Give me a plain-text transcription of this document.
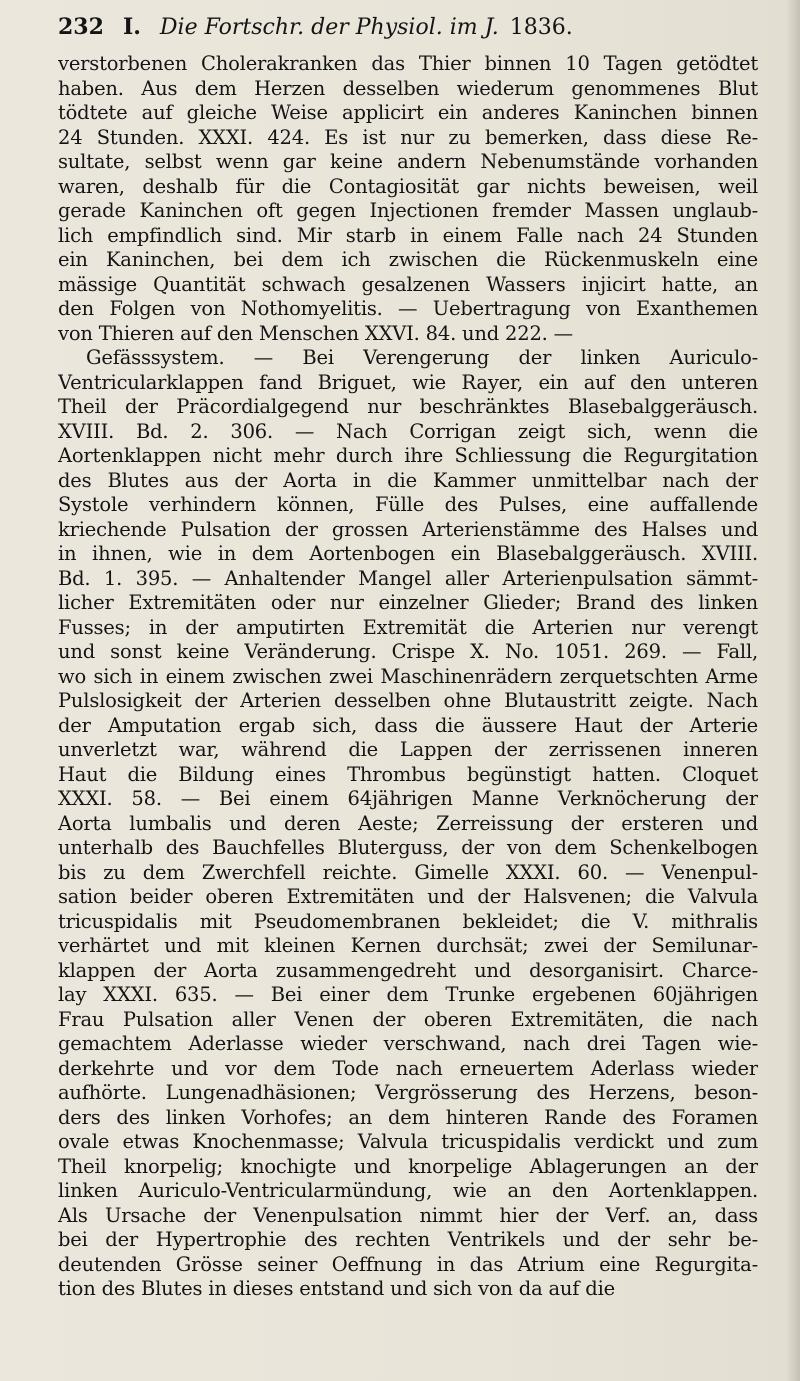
232 I. Die Fortschr. der Physiol. im J. 1836.
verstorbenen Cholerakranken das Thier binnen 10 Tagen getödtet
haben. Aus dem Herzen desselben wiederum genommenes Blut
tödtete auf gleiche Weise applicirt ein anderes Kaninchen binnen
24 Stunden. XXXI. 424. Es ist nur zu bemerken, dass diese Re-
sultate, selbst wenn gar keine andern Nebenumstände vorhanden
waren, deshalb für die Contagiosität gar nichts beweisen, weil
gerade Kaninchen oft gegen Injectionen fremder Massen unglaub-
lich empfindlich sind. Mir starb in einem Falle nach 24 Stunden
ein Kaninchen, bei dem ich zwischen die Rückenmuskeln eine
mässige Quantität schwach gesalzenen Wassers injicirt hatte, an
den Folgen von Nothomyelitis. — Uebertragung von Exanthemen
von Thieren auf den Menschen XXVI. 84. und 222. —
Gefässsystem. — Bei Verengerung der linken Auriculo-
Ventricularklappen fand Briguet, wie Rayer, ein auf den unteren
Theil der Präcordialgegend nur beschränktes Blasebalggeräusch.
XVIII. Bd. 2. 306. — Nach Corrigan zeigt sich, wenn die
Aortenklappen nicht mehr durch ihre Schliessung die Regurgitation
des Blutes aus der Aorta in die Kammer unmittelbar nach der
Systole verhindern können, Fülle des Pulses, eine auffallende
kriechende Pulsation der grossen Arterienstämme des Halses und
in ihnen, wie in dem Aortenbogen ein Blasebalggeräusch. XVIII.
Bd. 1. 395. — Anhaltender Mangel aller Arterienpulsation sämmt-
licher Extremitäten oder nur einzelner Glieder; Brand des linken
Fusses; in der amputirten Extremität die Arterien nur verengt
und sonst keine Veränderung. Crispe X. No. 1051. 269. — Fall,
wo sich in einem zwischen zwei Maschinenrädern zerquetschten Arme
Pulslosigkeit der Arterien desselben ohne Blutaustritt zeigte. Nach
der Amputation ergab sich, dass die äussere Haut der Arterie
unverletzt war, während die Lappen der zerrissenen inneren
Haut die Bildung eines Thrombus begünstigt hatten. Cloquet
XXXI. 58. — Bei einem 64jährigen Manne Verknöcherung der
Aorta lumbalis und deren Aeste; Zerreissung der ersteren und
unterhalb des Bauchfelles Bluterguss, der von dem Schenkelbogen
bis zu dem Zwerchfell reichte. Gimelle XXXI. 60. — Venenpul-
sation beider oberen Extremitäten und der Halsvenen; die Valvula
tricuspidalis mit Pseudomembranen bekleidet; die V. mithralis
verhärtet und mit kleinen Kernen durchsät; zwei der Semilunar-
klappen der Aorta zusammengedreht und desorganisirt. Charce-
lay XXXI. 635. — Bei einer dem Trunke ergebenen 60jährigen
Frau Pulsation aller Venen der oberen Extremitäten, die nach
gemachtem Aderlasse wieder verschwand, nach drei Tagen wie-
derkehrte und vor dem Tode nach erneuertem Aderlass wieder
aufhörte. Lungenadhäsionen; Vergrösserung des Herzens, beson-
ders des linken Vorhofes; an dem hinteren Rande des Foramen
ovale etwas Knochenmasse; Valvula tricuspidalis verdickt und zum
Theil knorpelig; knochigte und knorpelige Ablagerungen an der
linken Auriculo-Ventricularmündung, wie an den Aortenklappen.
Als Ursache der Venenpulsation nimmt hier der Verf. an, dass
bei der Hypertrophie des rechten Ventrikels und der sehr be-
deutenden Grösse seiner Oeffnung in das Atrium eine Regurgita-
tion des Blutes in dieses entstand und sich von da auf die
